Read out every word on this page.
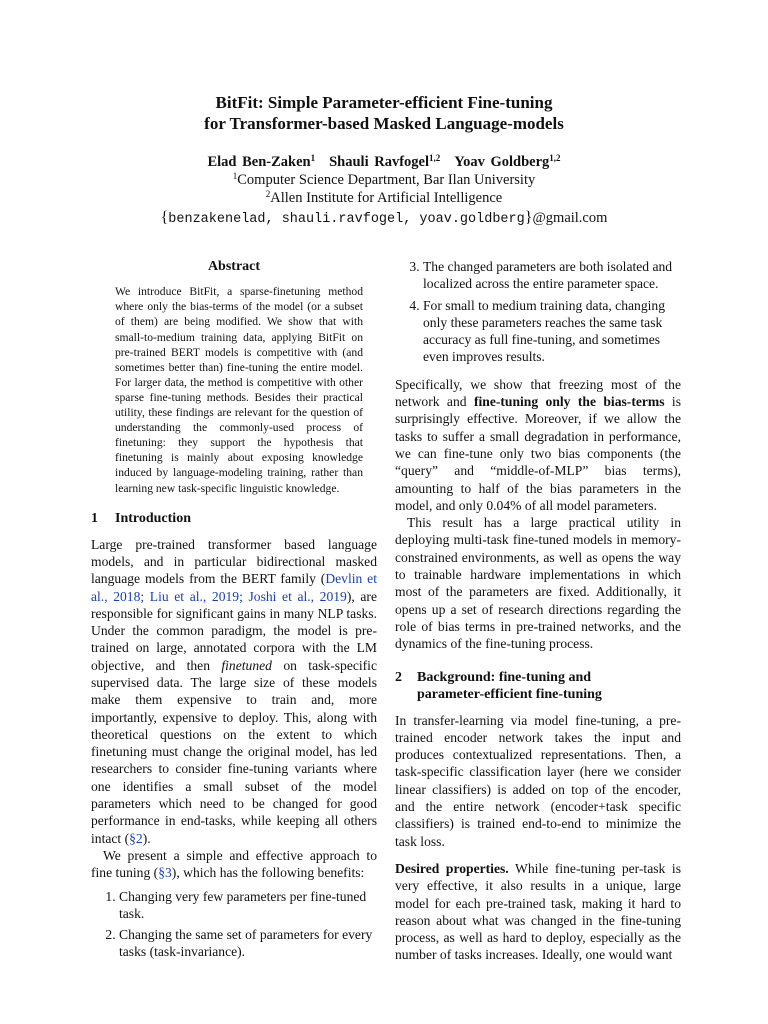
BitFit: Simple Parameter-efficient Fine-tuning
for Transformer-based Masked Language-models
Elad Ben-Zaken$^1$ Shauli Ravfogel$^{1,2}$ Yoav Goldberg$^{1,2}$
$^1$Computer Science Department, Bar Ilan University
$^2$Allen Institute for Artificial Intelligence
{benzakenelad, shauli.ravfogel, yoav.goldberg}@gmail.com
Abstract

We introduce BitFit, a sparse-finetuning method where only the bias-terms of the model (or a subset of them) are being modified. We show that with small-to-medium training data, applying BitFit on pre-trained BERT models is competitive with (and sometimes better than) fine-tuning the entire model. For larger data, the method is competitive with other sparse fine-tuning methods. Besides their practical utility, these findings are relevant for the question of understanding the commonly-used process of finetuning: they support the hypothesis that finetuning is mainly about exposing knowledge induced by language-modeling training, rather than learning new task-specific linguistic knowledge.

1 Introduction

Large pre-trained transformer based language models, and in particular bidirectional masked language models from the BERT family (Devlin et al., 2018; Liu et al., 2019; Joshi et al., 2019), are responsible for significant gains in many NLP tasks. Under the common paradigm, the model is pre-trained on large, annotated corpora with the LM objective, and then finetuned on task-specific supervised data. The large size of these models make them expensive to train and, more importantly, expensive to deploy. This, along with theoretical questions on the extent to which finetuning must change the original model, has led researchers to consider fine-tuning variants where one identifies a small subset of the model parameters which need to be changed for good performance in end-tasks, while keeping all others intact (§2).

We present a simple and effective approach to fine tuning (§3), which has the following benefits:

1. Changing very few parameters per fine-tuned task.
2. Changing the same set of parameters for every tasks (task-invariance).
3. The changed parameters are both isolated and localized across the entire parameter space.
4. For small to medium training data, changing only these parameters reaches the same task accuracy as full fine-tuning, and sometimes even improves results.

Specifically, we show that freezing most of the network and fine-tuning only the bias-terms is surprisingly effective. Moreover, if we allow the tasks to suffer a small degradation in performance, we can fine-tune only two bias components (the “query” and “middle-of-MLP” bias terms), amounting to half of the bias parameters in the model, and only 0.04% of all model parameters.

This result has a large practical utility in deploying multi-task fine-tuned models in memory-constrained environments, as well as opens the way to trainable hardware implementations in which most of the parameters are fixed. Additionally, it opens up a set of research directions regarding the role of bias terms in pre-trained networks, and the dynamics of the fine-tuning process.

2	Background: fine-tuning and
parameter-efficient fine-tuning

In transfer-learning via model fine-tuning, a pre-trained encoder network takes the input and produces contextualized representations. Then, a task-specific classification layer (here we consider linear classifiers) is added on top of the encoder, and the entire network (encoder+task specific classifiers) is trained end-to-end to minimize the task loss.

Desired properties. While fine-tuning per-task is very effective, it also results in a unique, large model for each pre-trained task, making it hard to reason about what was changed in the fine-tuning process, as well as hard to deploy, especially as the number of tasks increases. Ideally, one would want
